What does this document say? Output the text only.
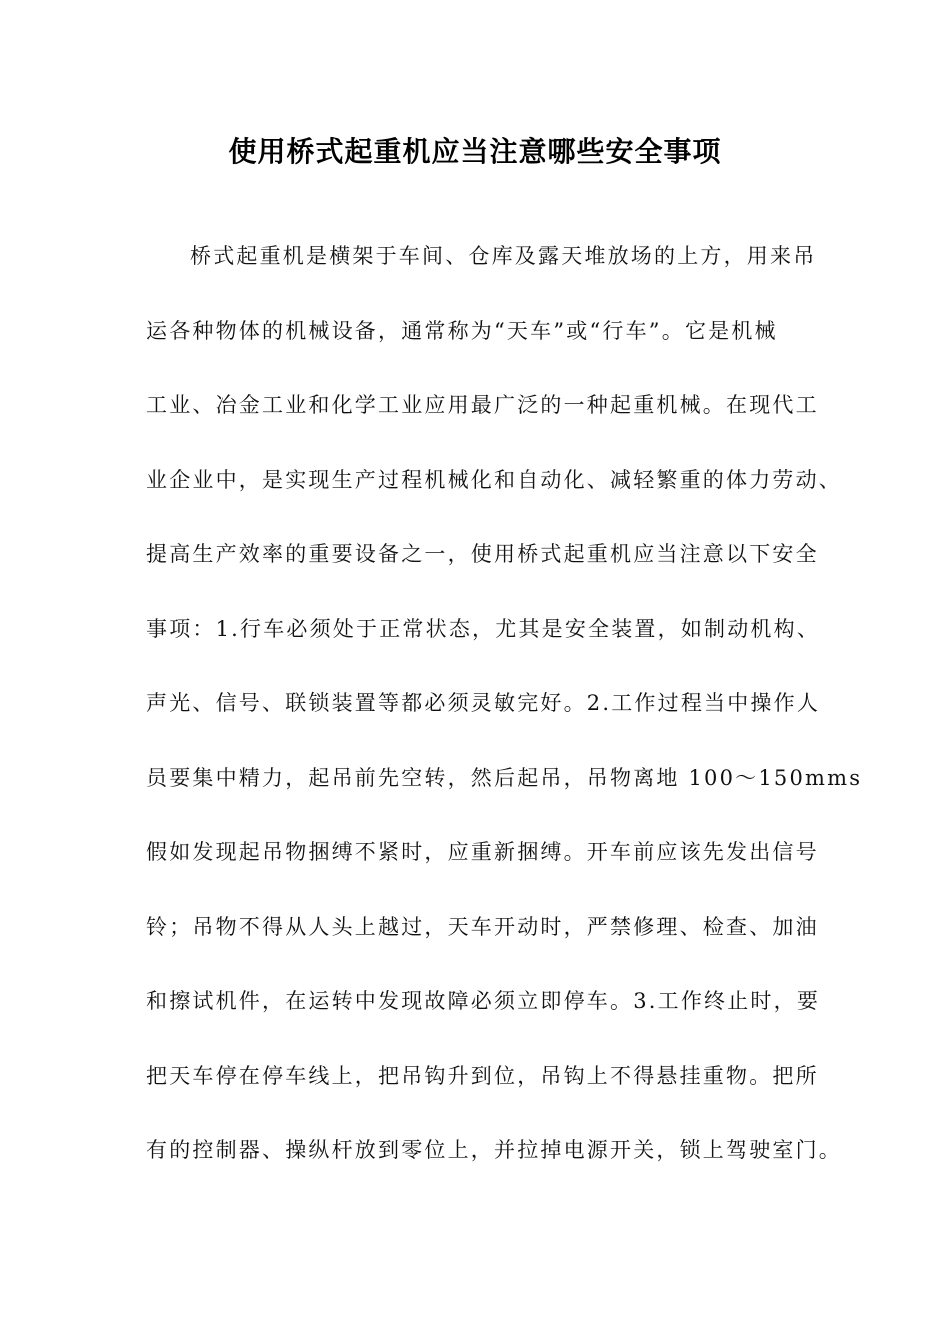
使用桥式起重机应当注意哪些安全事项
桥式起重机是横架于车间、仓库及露天堆放场的上方，用来吊
运各种物体的机械设备，通常称为“天车”或“行车”。它是机械
工业、冶金工业和化学工业应用最广泛的一种起重机械。在现代工
业企业中，是实现生产过程机械化和自动化、减轻繁重的体力劳动、
提高生产效率的重要设备之一，使用桥式起重机应当注意以下安全
事项：1.行车必须处于正常状态，尤其是安全装置，如制动机构、
声光、信号、联锁装置等都必须灵敏完好。2.工作过程当中操作人
员要集中精力，起吊前先空转，然后起吊，吊物离地 100～150mms
假如发现起吊物捆缚不紧时，应重新捆缚。开车前应该先发出信号
铃；吊物不得从人头上越过，天车开动时，严禁修理、检查、加油
和擦试机件，在运转中发现故障必须立即停车。3.工作终止时，要
把天车停在停车线上，把吊钩升到位，吊钩上不得悬挂重物。把所
有的控制器、操纵杆放到零位上，并拉掉电源开关，锁上驾驶室门。
